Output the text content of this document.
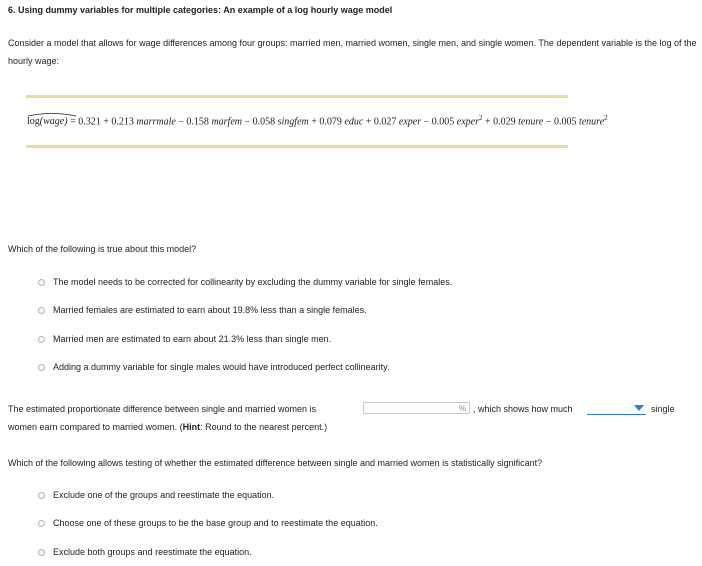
6. Using dummy variables for multiple categories: An example of a log hourly wage model
Consider a model that allows for wage differences among four groups: married men, married women, single men, and single women. The dependent variable is the log of the hourly wage:
log(wage) = 0.321 + 0.213 marrmale − 0.158 marfem − 0.058 singfem + 0.079 educ + 0.027 exper − 0.005 exper$^2$ + 0.029 tenure − 0.005 tenure$^2$
Which of the following is true about this model?
The model needs to be corrected for collinearity by excluding the dummy variable for single females.
Married females are estimated to earn about 19.8% less than a single females.
Married men are estimated to earn about 21.3% less than single men.
Adding a dummy variable for single males would have introduced perfect collinearity.
The estimated proportionate difference between single and married women is	% , which shows how much	single
women earn compared to married women. (Hint: Round to the nearest percent.)
Which of the following allows testing of whether the estimated difference between single and married women is statistically significant?
Exclude one of the groups and reestimate the equation.
Choose one of these groups to be the base group and to reestimate the equation.
Exclude both groups and reestimate the equation.
